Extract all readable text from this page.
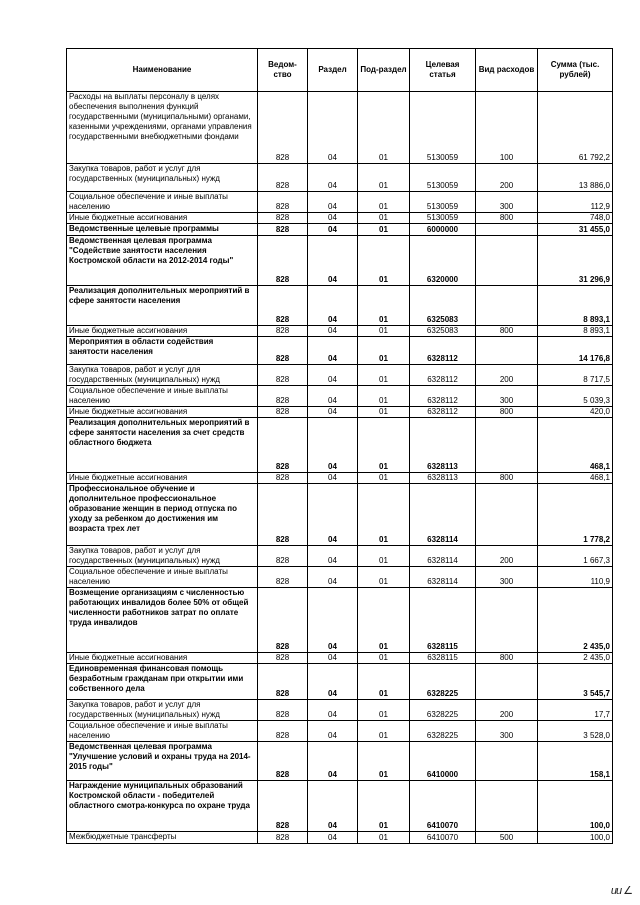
Наименование	Ведом-ство	Раздел	Под-раздел	Целевая статья	Вид расходов	Сумма (тыс. рублей)
Расходы на выплаты персоналу в целях обеспечения выполнения функций государственными (муниципальными) органами, казенными учреждениями, органами управления государственными внебюджетными фондами	828	04	01	5130059	100	61 792,2
Закупка товаров, работ и услуг для государственных (муниципальных) нужд	828	04	01	5130059	200	13 886,0
Социальное обеспечение и иные выплаты населению	828	04	01	5130059	300	112,9
Иные бюджетные ассигнования	828	04	01	5130059	800	748,0
Ведомственные целевые программы	828	04	01	6000000		31 455,0
Ведомственная целевая программа "Содействие занятости населения Костромской области на 2012-2014 годы"	828	04	01	6320000		31 296,9
Реализация дополнительных мероприятий в сфере занятости населения	828	04	01	6325083		8 893,1
Иные бюджетные ассигнования	828	04	01	6325083	800	8 893,1
Мероприятия в области содействия занятости населения	828	04	01	6328112		14 176,8
Закупка товаров, работ и услуг для государственных (муниципальных) нужд	828	04	01	6328112	200	8 717,5
Социальное обеспечение и иные выплаты населению	828	04	01	6328112	300	5 039,3
Иные бюджетные ассигнования	828	04	01	6328112	800	420,0
Реализация дополнительных мероприятий в сфере занятости населения за счет средств областного бюджета	828	04	01	6328113		468,1
Иные бюджетные ассигнования	828	04	01	6328113	800	468,1
Профессиональное обучение и дополнительное профессиональное образование женщин в период отпуска по уходу за ребенком до достижения им возраста трех лет	828	04	01	6328114		1 778,2
Закупка товаров, работ и услуг для государственных (муниципальных) нужд	828	04	01	6328114	200	1 667,3
Социальное обеспечение и иные выплаты населению	828	04	01	6328114	300	110,9
Возмещение организациям с численностью работающих инвалидов более 50% от общей численности работников затрат по оплате труда инвалидов	828	04	01	6328115		2 435,0
Иные бюджетные ассигнования	828	04	01	6328115	800	2 435,0
Единовременная финансовая помощь безработным гражданам при открытии ими собственного дела	828	04	01	6328225		3 545,7
Закупка товаров, работ и услуг для государственных (муниципальных) нужд	828	04	01	6328225	200	17,7
Социальное обеспечение и иные выплаты населению	828	04	01	6328225	300	3 528,0
Ведомственная целевая программа "Улучшение условий и охраны труда на 2014-2015 годы"	828	04	01	6410000		158,1
Награждение муниципальных образований Костромской области - победителей областного смотра-конкурса по охране труда	828	04	01	6410070		100,0
Межбюджетные трансферты	828	04	01	6410070	500	100,0
ии ∠
